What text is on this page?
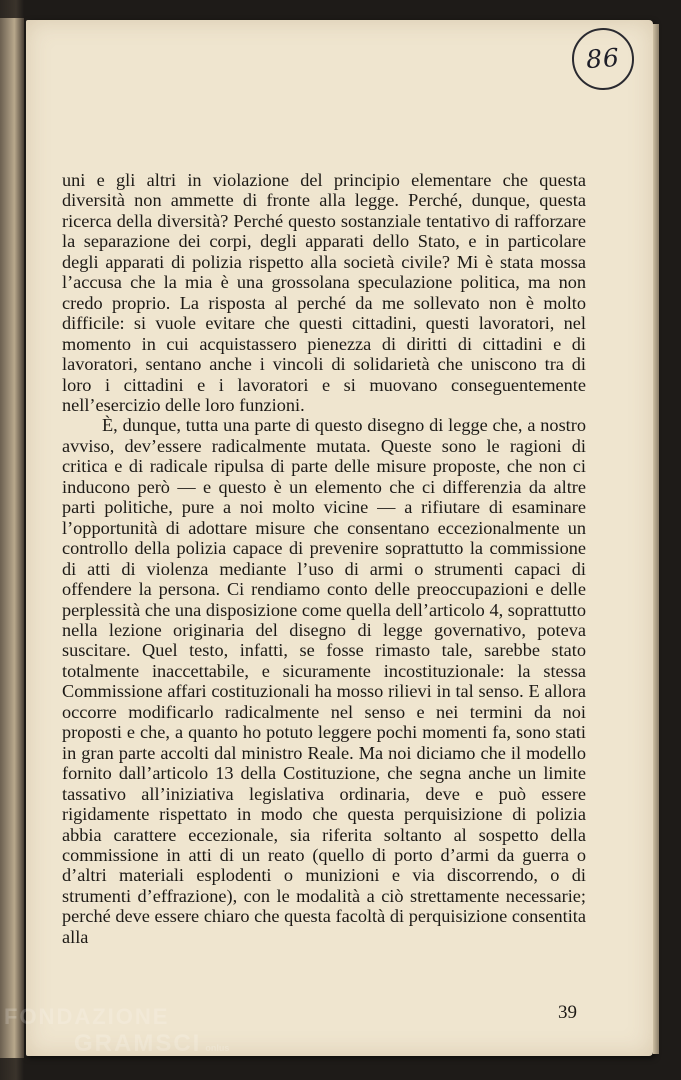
86

uni e gli altri in violazione del principio elementare che questa diversità non ammette di fronte alla legge. Perché, dunque, questa ricerca della diversità? Perché questo sostanziale tentativo di rafforzare la separazione dei corpi, degli apparati dello Stato, e in particolare degli apparati di polizia rispetto alla società civile? Mi è stata mossa l’accusa che la mia è una grossolana speculazione politica, ma non credo proprio. La risposta al perché da me sollevato non è molto difficile: si vuole evitare che questi cittadini, questi lavoratori, nel momento in cui acquistassero pienezza di diritti di cittadini e di lavoratori, sentano anche i vincoli di solidarietà che uniscono tra di loro i cittadini e i lavoratori e si muovano conseguentemente nell’esercizio delle loro funzioni.

È, dunque, tutta una parte di questo disegno di legge che, a nostro avviso, dev’essere radicalmente mutata. Queste sono le ragioni di critica e di radicale ripulsa di parte delle misure proposte, che non ci inducono però — e questo è un elemento che ci differenzia da altre parti politiche, pure a noi molto vicine — a rifiutare di esaminare l’opportunità di adottare misure che consentano eccezionalmente un controllo della polizia capace di prevenire soprattutto la commissione di atti di violenza mediante l’uso di armi o strumenti capaci di offendere la persona. Ci rendiamo conto delle preoccupazioni e delle perplessità che una disposizione come quella dell’articolo 4, soprattutto nella lezione originaria del disegno di legge governativo, poteva suscitare. Quel testo, infatti, se fosse rimasto tale, sarebbe stato totalmente inaccettabile, e sicuramente incostituzionale: la stessa Commissione affari costituzionali ha mosso rilievi in tal senso. E allora occorre modificarlo radicalmente nel senso e nei termini da noi proposti e che, a quanto ho potuto leggere pochi momenti fa, sono stati in gran parte accolti dal ministro Reale. Ma noi diciamo che il modello fornito dall’articolo 13 della Costituzione, che segna anche un limite tassativo all’iniziativa legislativa ordinaria, deve e può essere rigidamente rispettato in modo che questa perquisizione di polizia abbia carattere eccezionale, sia riferita soltanto al sospetto della commissione in atti di un reato (quello di porto d’armi da guerra o d’altri materiali esplodenti o munizioni e via discorrendo, o di strumenti d’effrazione), con le modalità a ciò strettamente necessarie; perché deve essere chiaro che questa facoltà di perquisizione consentita alla

39
FONDAZIONE
GRAMSCI onlus
